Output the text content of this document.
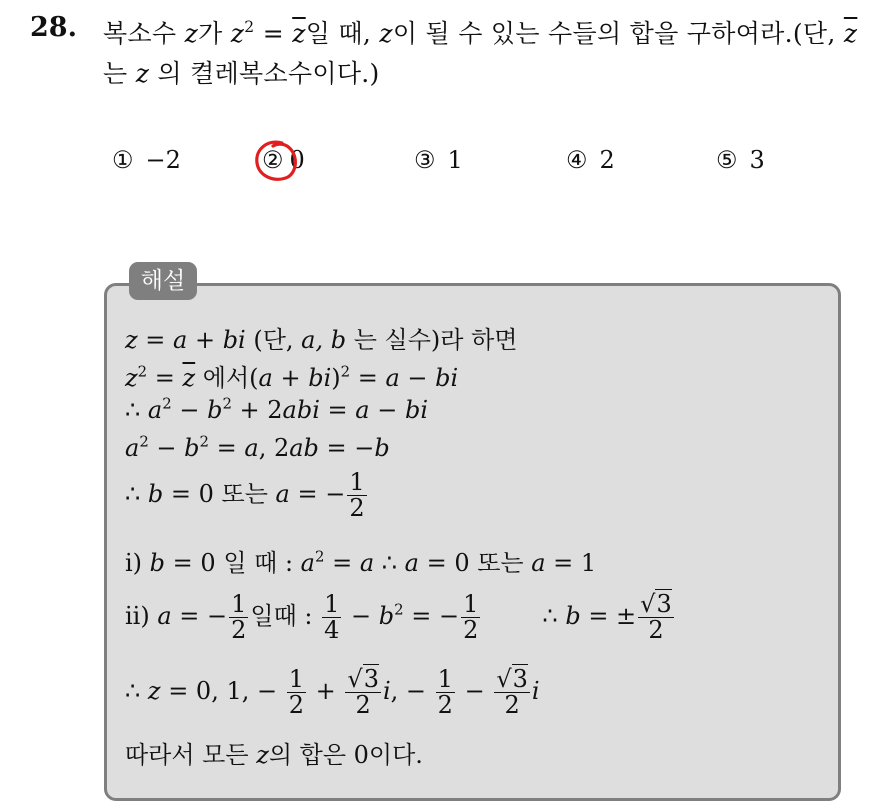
28. 복소수 z가 $z^2 = \overline{z}$일 때, z이 될 수 있는 수들의 합을 구하여라.(단, $\overline{z}$
는 z 의 켤레복소수이다.)
① −2	② 0	③ 1	④ 2	⑤ 3
해설
z = a + bi (단, a, b 는 실수)라 하면
$z^2 = \overline{z}$ 에서(a + bi)$^2$ = a − bi
∴ $a^2 - b^2 + 2abi = a$ − bi
$a^2 - b^2 = a$, 2ab = −b
∴ b = 0 또는 a = − $\frac{1}{2}$
i) b = 0 일 때 : $a^2 = a$ ∴ a = 0 또는 a = 1
ii) a = − $\frac{1}{2}$ 일때 : $\frac{1}{4} - b^2$ = − $\frac{1}{2}$	∴ b = ± $\frac{√3}{2}$
∴ z = 0, 1, − $\frac{1}{2} + \frac{√3}{2} i$, − $\frac{1}{2} - \frac{√3}{2}$ i
따라서 모든 z의 합은 0이다.
